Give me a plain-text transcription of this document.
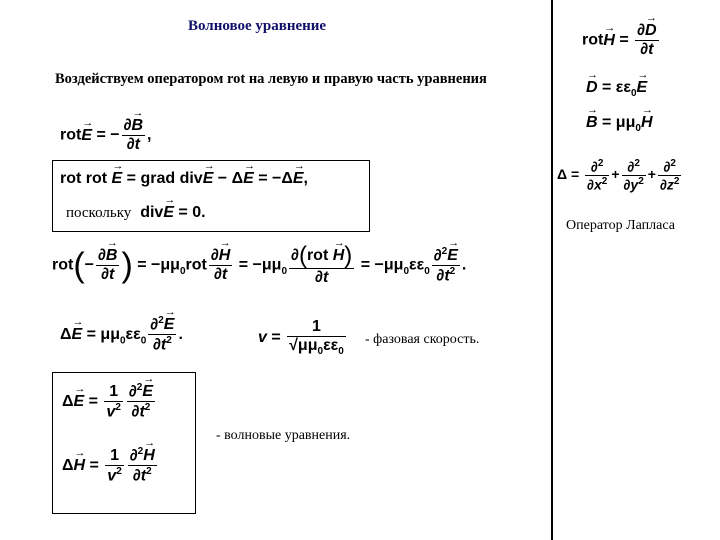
Волновое уравнение
Воздействуем оператором rot на левую и правую часть уравнения
rot→ E = − $\frac{\partial\to B}{\partial t}$ ,
rot rot → E = grad div→ E − Δ→ E = −Δ→ E,
поскольку  div→ E = 0.
$rot(- \frac{\partial\to B}{\partial t}$ ) = $-\mu\mu_0rot \frac{\partial\to H}{\partial t} = -\mu\mu_0 \frac{\text{∂(rot → H)}}{\partial t} = -\mu\mu_0\varepsilon\varepsilon_0 \frac{\partial^2\to E}{\partial t^2}$ .
$\Delta\to E = \mu\mu_0\varepsilon\varepsilon_0 \frac{\partial^2\to E}{\partial t^2}$ .	$v = \frac{1}{√\mu\mu_0\varepsilon\varepsilon_0}$ - фазовая скорость.
$\Delta\to E = \frac{1}{v^2} \frac{\partial^2\to E}{\partial t^2}$
$\Delta\to H = \frac{1}{v^2} \frac{\partial^2\to H}{\partial t^2}$
- волновые уравнения.
$rot\to H = \frac{\partial\to D}{\partial t}$
→ $D = \varepsilon\varepsilon_0\to E$
→ $B = \mu\mu_0\to H$
$\Delta = \frac{\partial^2}{\partial x^2} + \frac{\partial^2}{\partial y^2} + \frac{\partial^2}{\partial z^2}$
Оператор Лапласа
